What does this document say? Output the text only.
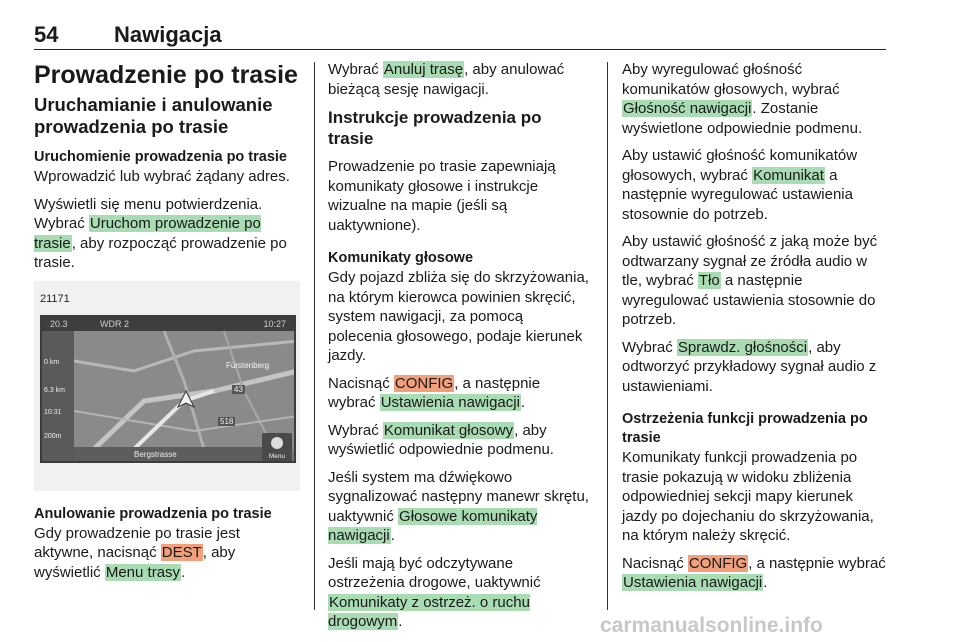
54	Nawigacja
Prowadzenie po trasie
Uruchamianie i anulowanie prowadzenia po trasie
Uruchomienie prowadzenia po trasie

Wprowadzić lub wybrać żądany adres.

Wyświetli się menu potwierdzenia. Wybrać Uruchom prowadzenie po trasie, aby rozpocząć prowadzenie po trasie.

21171
20.3	WDR 2	10:27
43
518
Fürstenberg
0 km
6.3 km
10:31
200m
Bergstrasse	Menu
Anulowanie prowadzenia po trasie

Gdy prowadzenie po trasie jest aktywne, nacisnąć DEST, aby wyświetlić Menu trasy.

Wybrać Anuluj trasę, aby anulować bieżącą sesję nawigacji.

Instrukcje prowadzenia po trasie

Prowadzenie po trasie zapewniają komunikaty głosowe i instrukcje wizualne na mapie (jeśli są uaktywnione).

Komunikaty głosowe

Gdy pojazd zbliża się do skrzyżowania, na którym kierowca powinien skręcić, system nawigacji, za pomocą polecenia głosowego, podaje kierunek jazdy.

Nacisnąć CONFIG, a następnie wybrać Ustawienia nawigacji.

Wybrać Komunikat głosowy, aby wyświetlić odpowiednie podmenu.

Jeśli system ma dźwiękowo sygnalizować następny manewr skrętu, uaktywnić Głosowe komunikaty nawigacji.

Jeśli mają być odczytywane ostrzeżenia drogowe, uaktywnić Komunikaty z ostrzeż. o ruchu drogowym.

Aby wyregulować głośność komunikatów głosowych, wybrać Głośność nawigacji. Zostanie wyświetlone odpowiednie podmenu.

Aby ustawić głośność komunikatów głosowych, wybrać Komunikat a następnie wyregulować ustawienia stosownie do potrzeb.

Aby ustawić głośność z jaką może być odtwarzany sygnał ze źródła audio w tle, wybrać Tło a następnie wyregulować ustawienia stosownie do potrzeb.

Wybrać Sprawdz. głośności, aby odtworzyć przykładowy sygnał audio z ustawieniami.

Ostrzeżenia funkcji prowadzenia po trasie

Komunikaty funkcji prowadzenia po trasie pokazują w widoku zbliżenia odpowiedniej sekcji mapy kierunek jazdy po dojechaniu do skrzyżowania, na którym należy skręcić.

Nacisnąć CONFIG, a następnie wybrać Ustawienia nawigacji.

carmanualsonline.info
